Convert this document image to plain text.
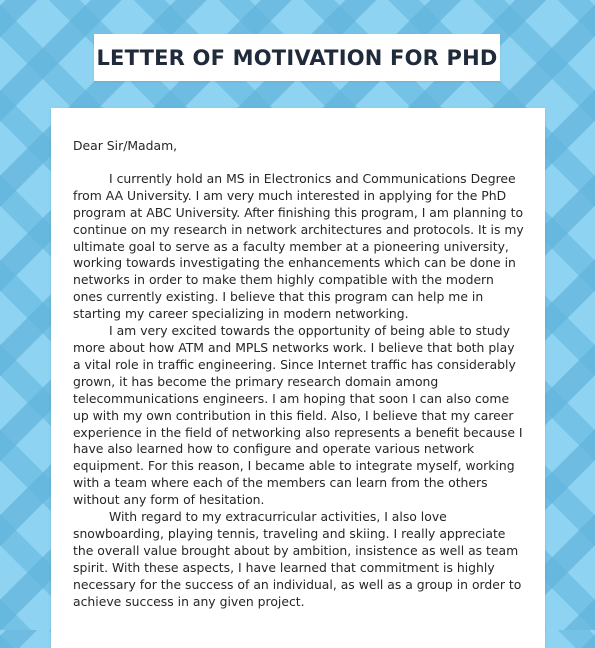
LETTER OF MOTIVATION FOR PHD

Dear Sir/Madam,

I currently hold an MS in Electronics and Communications Degree from AA University. I am very much interested in applying for the PhD program at ABC University. After finishing this program, I am planning to continue on my research in network architectures and protocols. It is my ultimate goal to serve as a faculty member at a pioneering university, working towards investigating the enhancements which can be done in networks in order to make them highly compatible with the modern ones currently existing. I believe that this program can help me in starting my career specializing in modern networking.

I am very excited towards the opportunity of being able to study more about how ATM and MPLS networks work. I believe that both play a vital role in traffic engineering. Since Internet traffic has considerably grown, it has become the primary research domain among telecommunications engineers. I am hoping that soon I can also come up with my own contribution in this field. Also, I believe that my career experience in the field of networking also represents a benefit because I have also learned how to configure and operate various network equipment. For this reason, I became able to integrate myself, working with a team where each of the members can learn from the others without any form of hesitation.

With regard to my extracurricular activities, I also love snowboarding, playing tennis, traveling and skiing. I really appreciate the overall value brought about by ambition, insistence as well as team spirit. With these aspects, I have learned that commitment is highly necessary for the success of an individual, as well as a group in order to achieve success in any given project.
